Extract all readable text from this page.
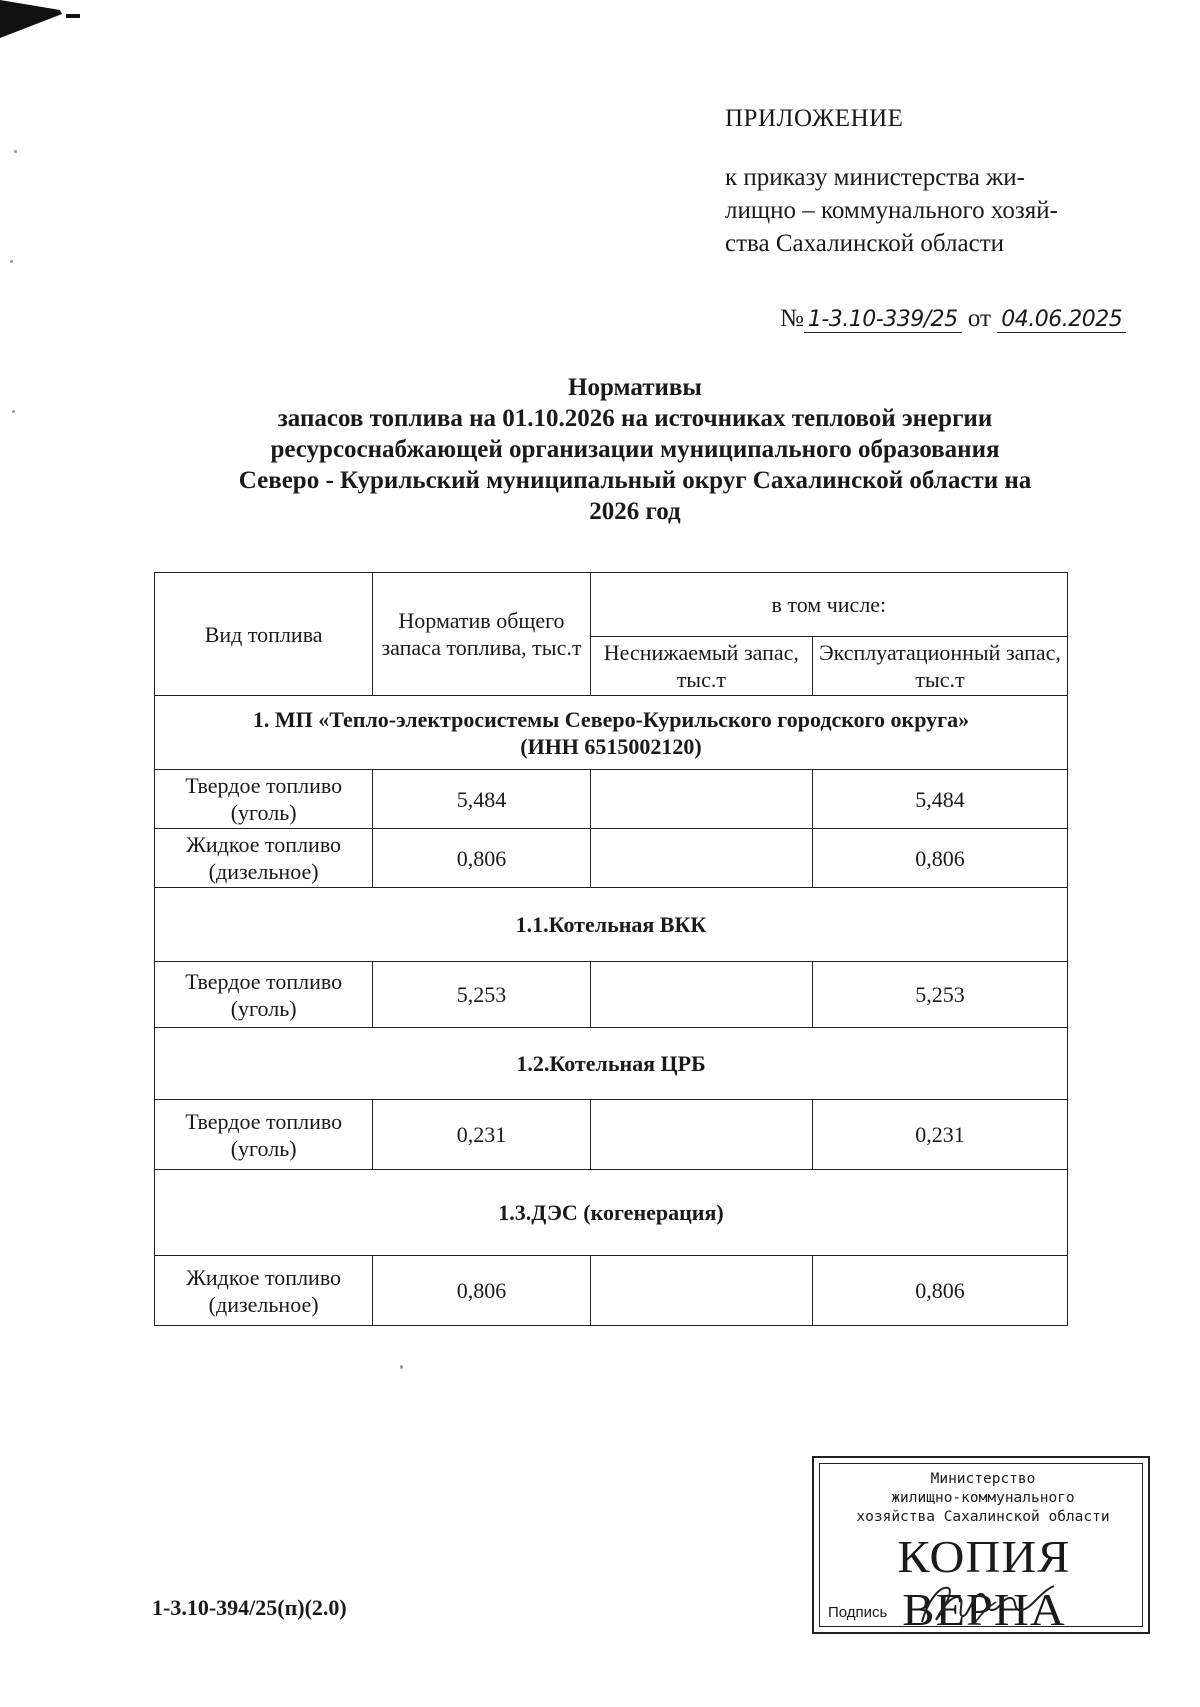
ПРИЛОЖЕНИЕ

к приказу министерства жи-
лищно – коммунального хозяй-
ства Сахалинской области

№ 1-3.10-339/25 от 04.06.2025
Нормативы
запасов топлива на 01.10.2026 на источниках тепловой энергии
ресурсоснабжающей организации муниципального образования
Северо - Курильский муниципальный округ Сахалинской области на
2026 год
Вид топлива	Норматив общего запаса топлива, тыс.т	в том числе:	
		Неснижаемый запас, тыс.т	Эксплуатационный запас, тыс.т

1. МП «Тепло-электросистемы Северо-Курильского городского округа»
(ИНН 6515002120)			

Твердое топливо (уголь)	5,484		5,484
Жидкое топливо (дизельное)	0,806		0,806
1.1.Котельная ВКК			
Твердое топливо (уголь)	5,253		5,253
1.2.Котельная ЦРБ			
Твердое топливо (уголь)	0,231		0,231
1.3.ДЭС (когенерация)			
Жидкое топливо (дизельное)	0,806		0,806
1-3.10-394/25(п)(2.0)
Министерство
жилищно-коммунального
хозяйства Сахалинской области
КОПИЯ ВЕРНА
Подпись
